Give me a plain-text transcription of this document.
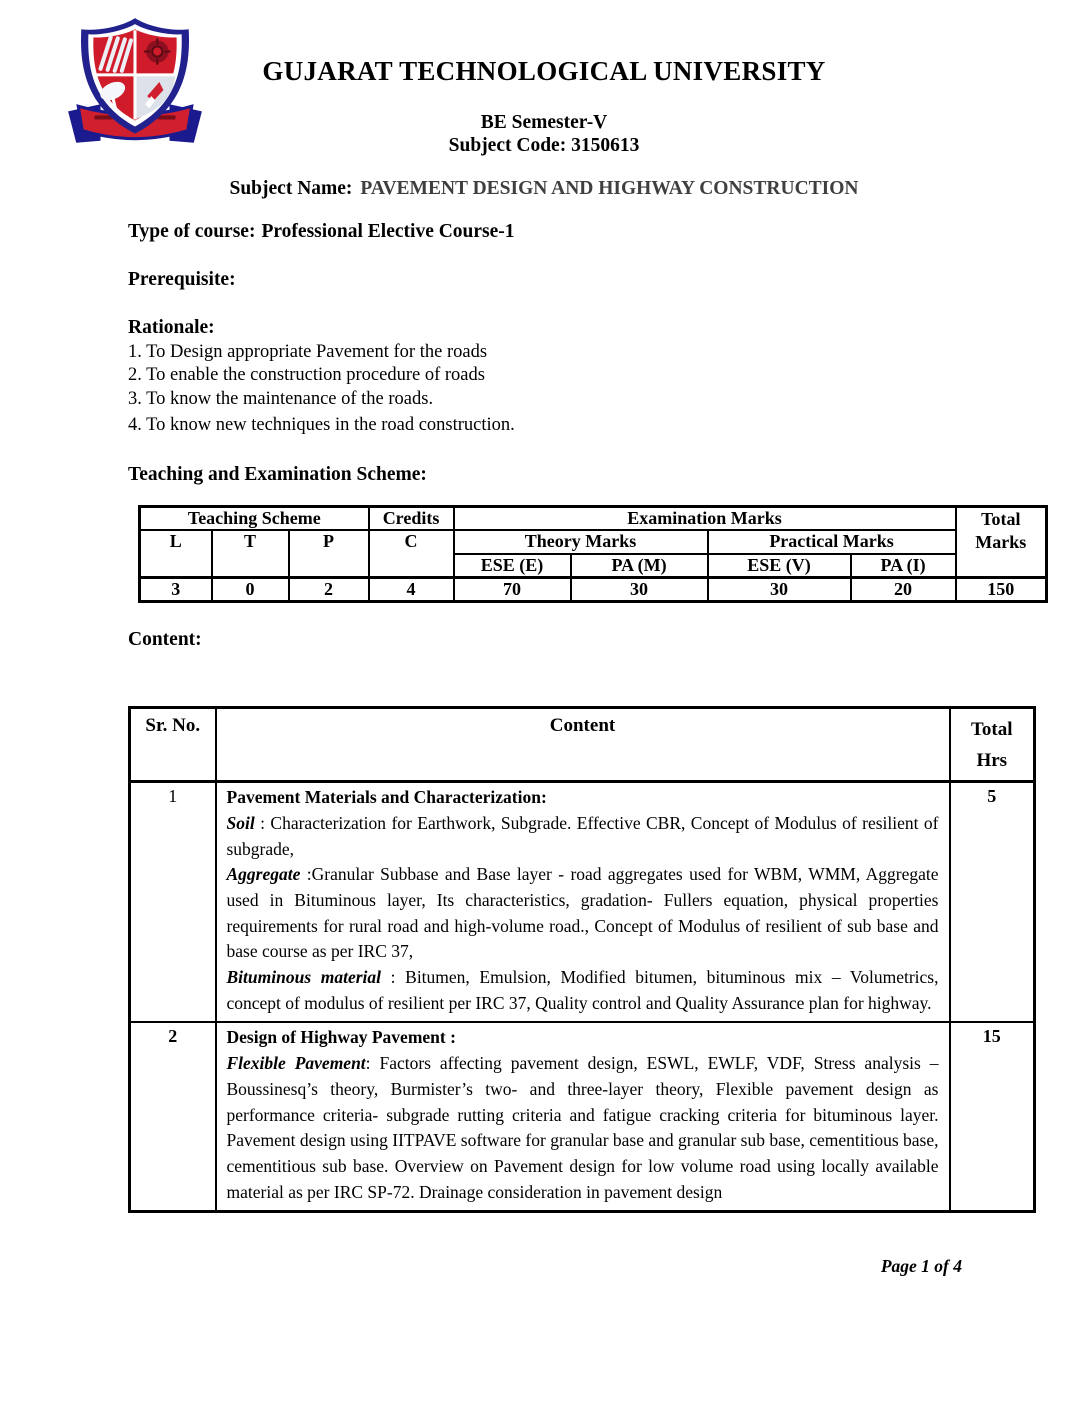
GUJARAT TECHNOLOGICAL UNIVERSITY
BE Semester-V
Subject Code: 3150613
Subject Name: PAVEMENT DESIGN AND HIGHWAY CONSTRUCTION
Type of course: Professional Elective Course-1
Prerequisite:
Rationale:
1. To Design appropriate Pavement for the roads
2. To enable the construction procedure of roads
3. To know the maintenance of the roads.
4. To know new techniques in the road construction.
Teaching and Examination Scheme:
Teaching Scheme			Credits	Examination Marks				Total Marks
L	T	P	C	Theory Marks		Practical Marks		
				ESE (E)	PA (M)	ESE (V)	PA (I)	
3	0	2	4	70	30	30	20	150
Content:
Sr. No.	Content	Total
Hrs

1	Pavement Materials and Characterization:

Soil : Characterization for Earthwork, Subgrade. Effective CBR, Concept of Modulus of resilient of subgrade,

Aggregate :Granular Subbase and Base layer - road aggregates used for WBM, WMM, Aggregate used in Bituminous layer, Its characteristics, gradation- Fullers equation, physical properties requirements for rural road and high-volume road., Concept of Modulus of resilient of sub base and base course as per IRC 37,

Bituminous material : Bitumen, Emulsion, Modified bitumen, bituminous mix – Volumetrics, concept of modulus of resilient per IRC 37, Quality control and Quality Assurance plan for highway.	5
2	Design of Highway Pavement :

Flexible Pavement: Factors affecting pavement design, ESWL, EWLF, VDF, Stress analysis – Boussinesq’s theory, Burmister’s two- and three-layer theory, Flexible pavement design as performance criteria- subgrade rutting criteria and fatigue cracking criteria for bituminous layer. Pavement design using IITPAVE software for granular base and granular sub base, cementitious base, cementitious sub base. Overview on Pavement design for low volume road using locally available material as per IRC SP-72. Drainage consideration in pavement design	15
Page 1 of 4
